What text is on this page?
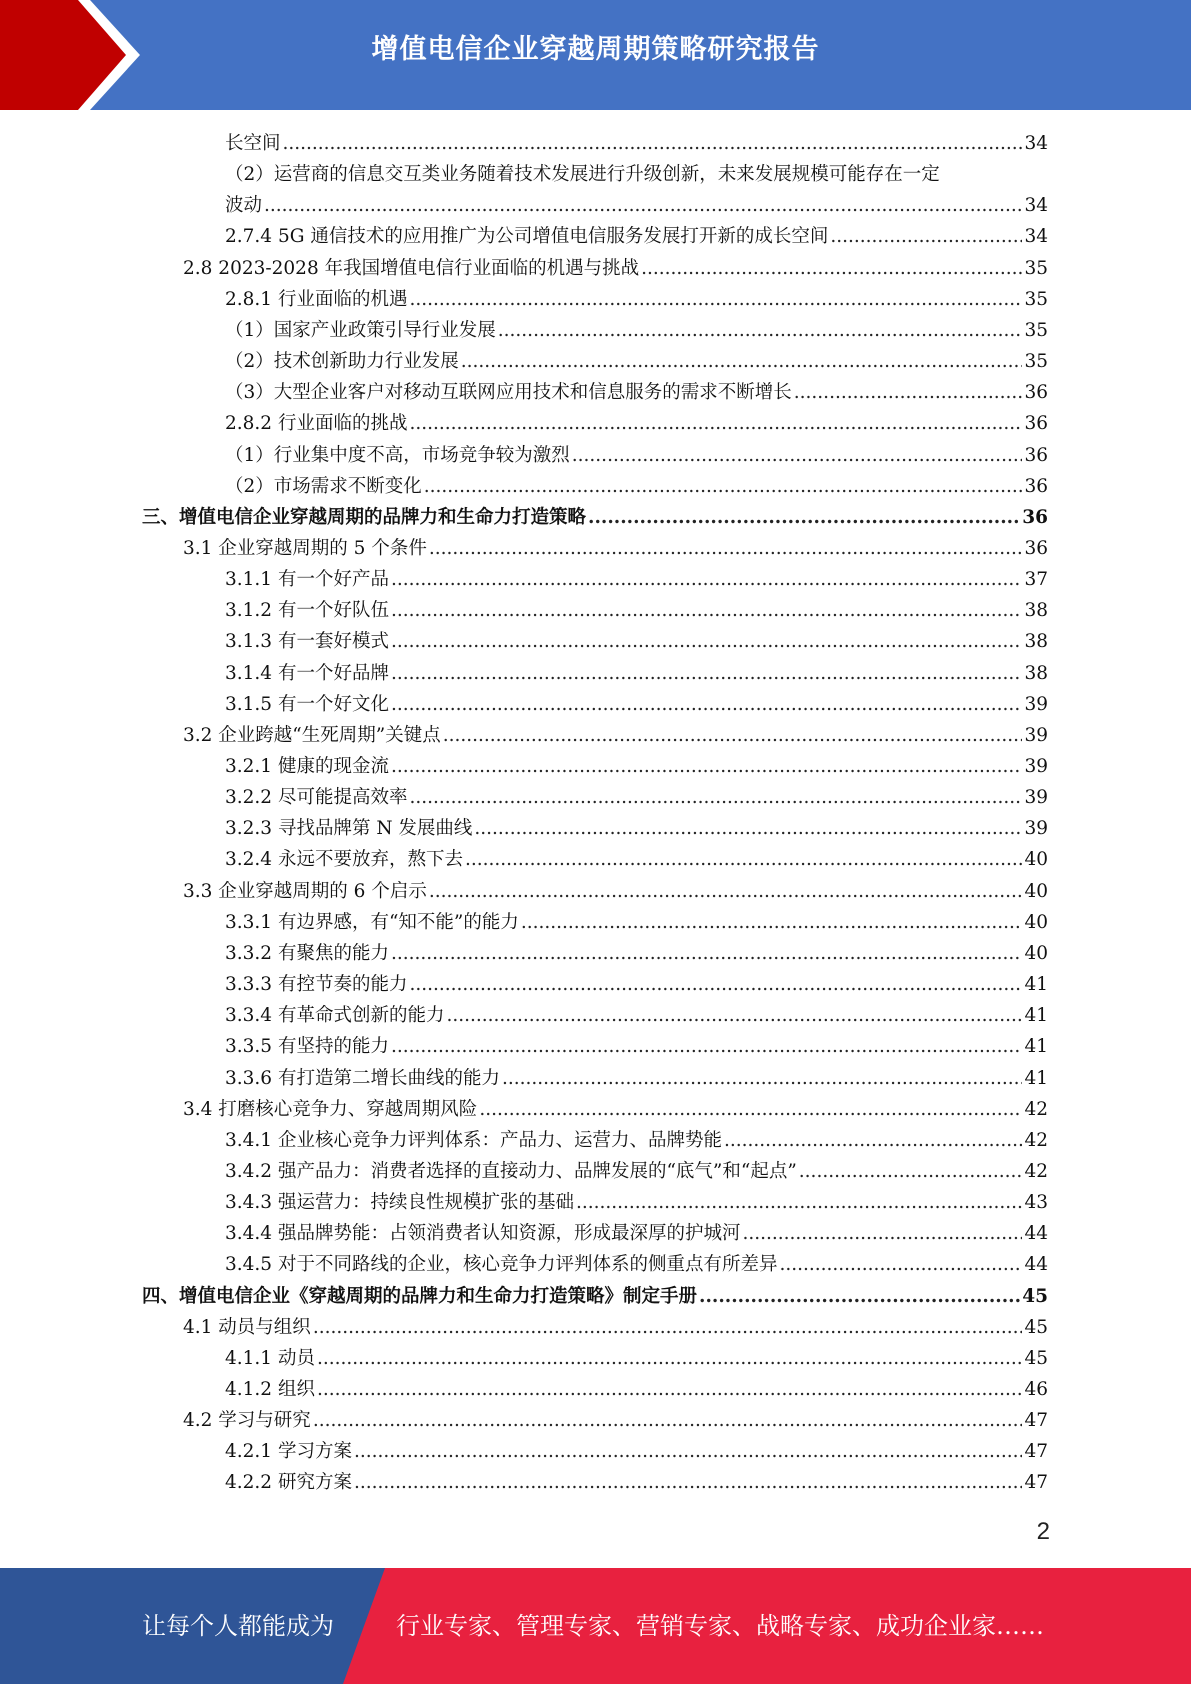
增值电信企业穿越周期策略研究报告
长空间 .....	34
（2）运营商的信息交互类业务随着技术发展进行升级创新，未来发展规模可能存在一定
波动 .....	34
2.7.4 5G 通信技术的应用推广为公司增值电信服务发展打开新的成长空间 .....	34
2.8 2023-2028 年我国增值电信行业面临的机遇与挑战 .....	35
2.8.1 行业面临的机遇 .....	35
（1）国家产业政策引导行业发展 .....	35
（2）技术创新助力行业发展 .....	35
（3）大型企业客户对移动互联网应用技术和信息服务的需求不断增长 .....	36
2.8.2 行业面临的挑战 .....	36
（1）行业集中度不高，市场竞争较为激烈 .....	36
（2）市场需求不断变化 .....	36
三、增值电信企业穿越周期的品牌力和生命力打造策略 .....	36
3.1 企业穿越周期的 5 个条件 .....	36
3.1.1 有一个好产品 .....	37
3.1.2 有一个好队伍 .....	38
3.1.3 有一套好模式 .....	38
3.1.4 有一个好品牌 .....	38
3.1.5 有一个好文化 .....	39
3.2 企业跨越“生死周期”关键点 .....	39
3.2.1 健康的现金流 .....	39
3.2.2 尽可能提高效率 .....	39
3.2.3 寻找品牌第 N 发展曲线 .....	39
3.2.4 永远不要放弃，熬下去 .....	40
3.3 企业穿越周期的 6 个启示 .....	40
3.3.1 有边界感，有“知不能”的能力 .....	40
3.3.2 有聚焦的能力 .....	40
3.3.3 有控节奏的能力 .....	41
3.3.4 有革命式创新的能力 .....	41
3.3.5 有坚持的能力 .....	41
3.3.6 有打造第二增长曲线的能力 .....	41
3.4 打磨核心竞争力、穿越周期风险 .....	42
3.4.1 企业核心竞争力评判体系：产品力、运营力、品牌势能 .....	42
3.4.2 强产品力：消费者选择的直接动力、品牌发展的“底气”和“起点” .....	42
3.4.3 强运营力：持续良性规模扩张的基础 .....	43
3.4.4 强品牌势能：占领消费者认知资源，形成最深厚的护城河 .....	44
3.4.5 对于不同路线的企业，核心竞争力评判体系的侧重点有所差异 .....	44
四、增值电信企业《穿越周期的品牌力和生命力打造策略》制定手册 .....	45
4.1 动员与组织 .....	45
4.1.1 动员 .....	45
4.1.2 组织 .....	46
4.2 学习与研究 .....	47
4.2.1 学习方案 .....	47
4.2.2 研究方案 .....	47
2
让每个人都能成为	行业专家、管理专家、营销专家、战略专家、成功企业家……
